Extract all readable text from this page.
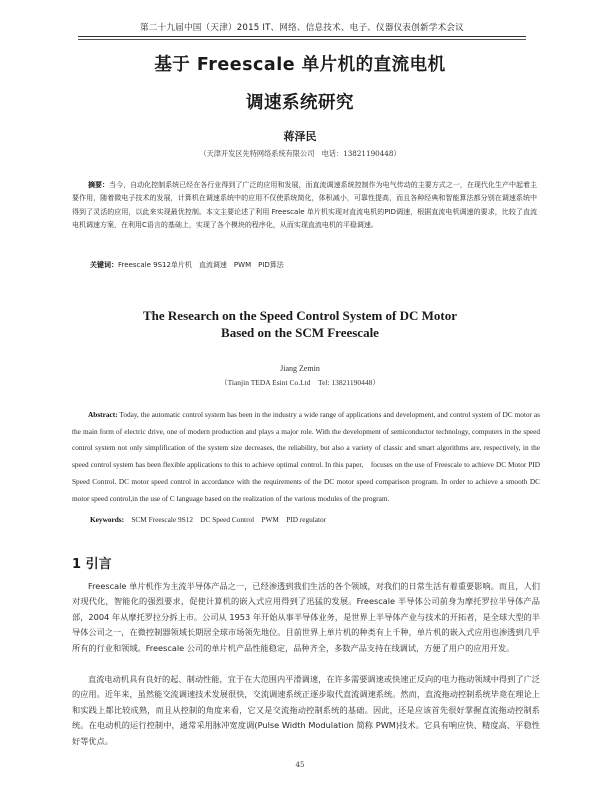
第二十九届中国（天津）2015 IT、网络、信息技术、电子、仪器仪表创新学术会议
基于 Freescale 单片机的直流电机
调速系统研究
蒋泽民
（天津开发区先特网络系统有限公司　电话：13821190448）
摘要：当今，自动化控制系统已经在各行业得到了广泛的应用和发展，而直流调速系统控制作为电气传动的主要方式之一，在现代化生产中起着主要作用，随着微电子技术的发展，计算机在调速系统中的应用不仅使系统简化，体积减小，可靠性提高，而且各种经典和智能算法都分别在调速系统中得到了灵活的应用，以此来实现最优控制。本文主要论述了利用 Freescale 单片机实现对直流电机的PID调速，根据直流电机调速的要求，比较了直流电机调速方案，在利用C语言的基础上，实现了各个模块的程序化，从而实现直流电机的平稳调速。
关键词：Freescale 9S12单片机　直流调速　PWM　PID算法
The Research on the Speed Control System of DC Motor
Based on the SCM Freescale
Jiang Zemin
（Tianjin TEDA Esint Co.Ltd　Tel: 13821190448）
Abstract: Today, the automatic control system has been in the industry a wide range of applications and development, and control system of DC motor as the main form of electric drive, one of modern production and plays a major role. With the development of semiconductor technology, computers in the speed control system not only simplification of the system size decreases, the reliability, but also a variety of classic and smart algorithms are, respectively, in the speed control system has been flexible applications to this to achieve optimal control. In this paper,　focuses on the use of Freescale to achieve DC Motor PID Speed Control. DC motor speed control in accordance with the requirements of the DC motor speed comparison program. In order to achieve a smooth DC motor speed control,in the use of C language based on the realization of the various modules of the program.
Keywords:　 SCM Freescale 9S12　DC Speed Control　PWM　PID regulator
1 引言

Freescale 单片机作为主流半导体产品之一，已经渗透到我们生活的各个领域，对我们的日常生活有着重要影响。而且，人们对现代化，智能化的强烈要求，促使计算机的嵌入式应用得到了迅猛的发展。Freescale 半导体公司前身为摩托罗拉半导体产品部，2004 年从摩托罗拉分拆上市。公司从 1953 年开始从事半导体业务，是世界上半导体产业与技术的开拓者，是全球大型的半导体公司之一，在微控制器领域长期居全球市场领先地位。目前世界上单片机的种类有上千种，单片机的嵌入式应用也渗透到几乎所有的行业和领域。Freescale 公司的单片机产品性能稳定，品种齐全，多数产品支持在线调试，方便了用户的应用开发。

直流电动机具有良好的起、制动性能，宜于在大范围内平滑调速，在许多需要调速或快速正反向的电力拖动领域中得到了广泛的应用。近年来，虽然能交流调速技术发展很快，交流调速系统正逐步取代直流调速系统。然而，直流拖动控制系统毕竟在理论上和实践上都比较成熟，而且从控制的角度来看，它又是交流拖动控制系统的基础。因此，还是应该首先很好掌握直流拖动控制系统。在电动机的运行控制中，通常采用脉冲宽度调(Pulse Width Modulation 简称 PWM)技术。它具有响应快、精度高、平稳性好等优点。

45
